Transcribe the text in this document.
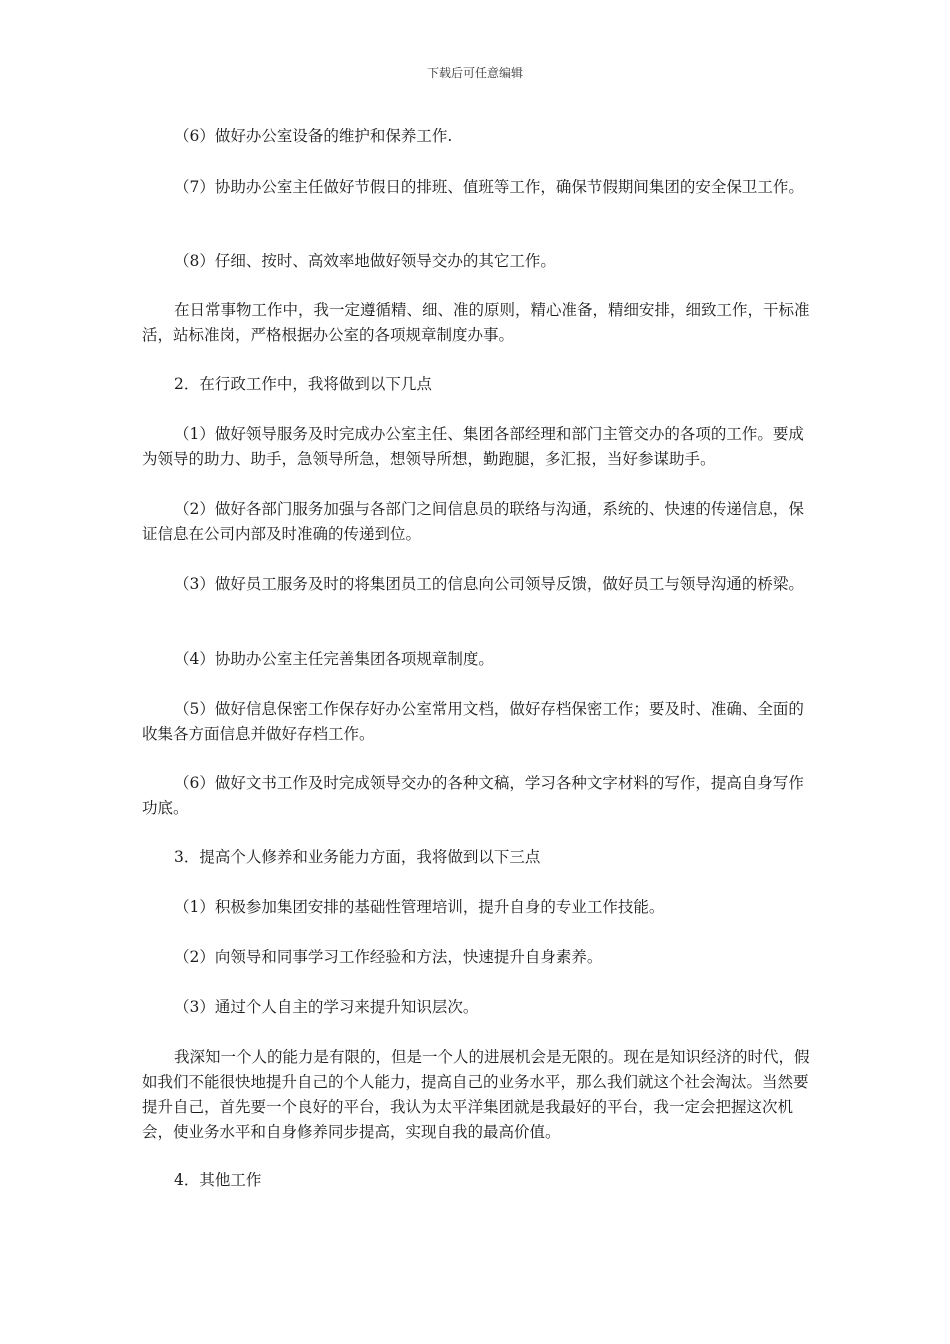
下载后可任意编辑

（6）做好办公室设备的维护和保养工作.

（7）协助办公室主任做好节假日的排班、值班等工作，确保节假期间集团的安全保卫工作。

（8）仔细、按时、高效率地做好领导交办的其它工作。

在日常事物工作中，我一定遵循精、细、准的原则，精心准备，精细安排，细致工作，干标准活，站标准岗，严格根据办公室的各项规章制度办事。

2．在行政工作中，我将做到以下几点

（1）做好领导服务及时完成办公室主任、集团各部经理和部门主管交办的各项的工作。要成为领导的助力、助手，急领导所急，想领导所想，勤跑腿，多汇报，当好参谋助手。

（2）做好各部门服务加强与各部门之间信息员的联络与沟通，系统的、快速的传递信息，保证信息在公司内部及时准确的传递到位。

（3）做好员工服务及时的将集团员工的信息向公司领导反馈，做好员工与领导沟通的桥梁。

（4）协助办公室主任完善集团各项规章制度。

（5）做好信息保密工作保存好办公室常用文档，做好存档保密工作；要及时、准确、全面的收集各方面信息并做好存档工作。

（6）做好文书工作及时完成领导交办的各种文稿，学习各种文字材料的写作，提高自身写作功底。

3．提高个人修养和业务能力方面，我将做到以下三点

（1）积极参加集团安排的基础性管理培训，提升自身的专业工作技能。

（2）向领导和同事学习工作经验和方法，快速提升自身素养。

（3）通过个人自主的学习来提升知识层次。

我深知一个人的能力是有限的，但是一个人的进展机会是无限的。现在是知识经济的时代，假如我们不能很快地提升自己的个人能力，提高自己的业务水平，那么我们就这个社会淘汰。当然要提升自己，首先要一个良好的平台，我认为太平洋集团就是我最好的平台，我一定会把握这次机会，使业务水平和自身修养同步提高，实现自我的最高价值。

4．其他工作
